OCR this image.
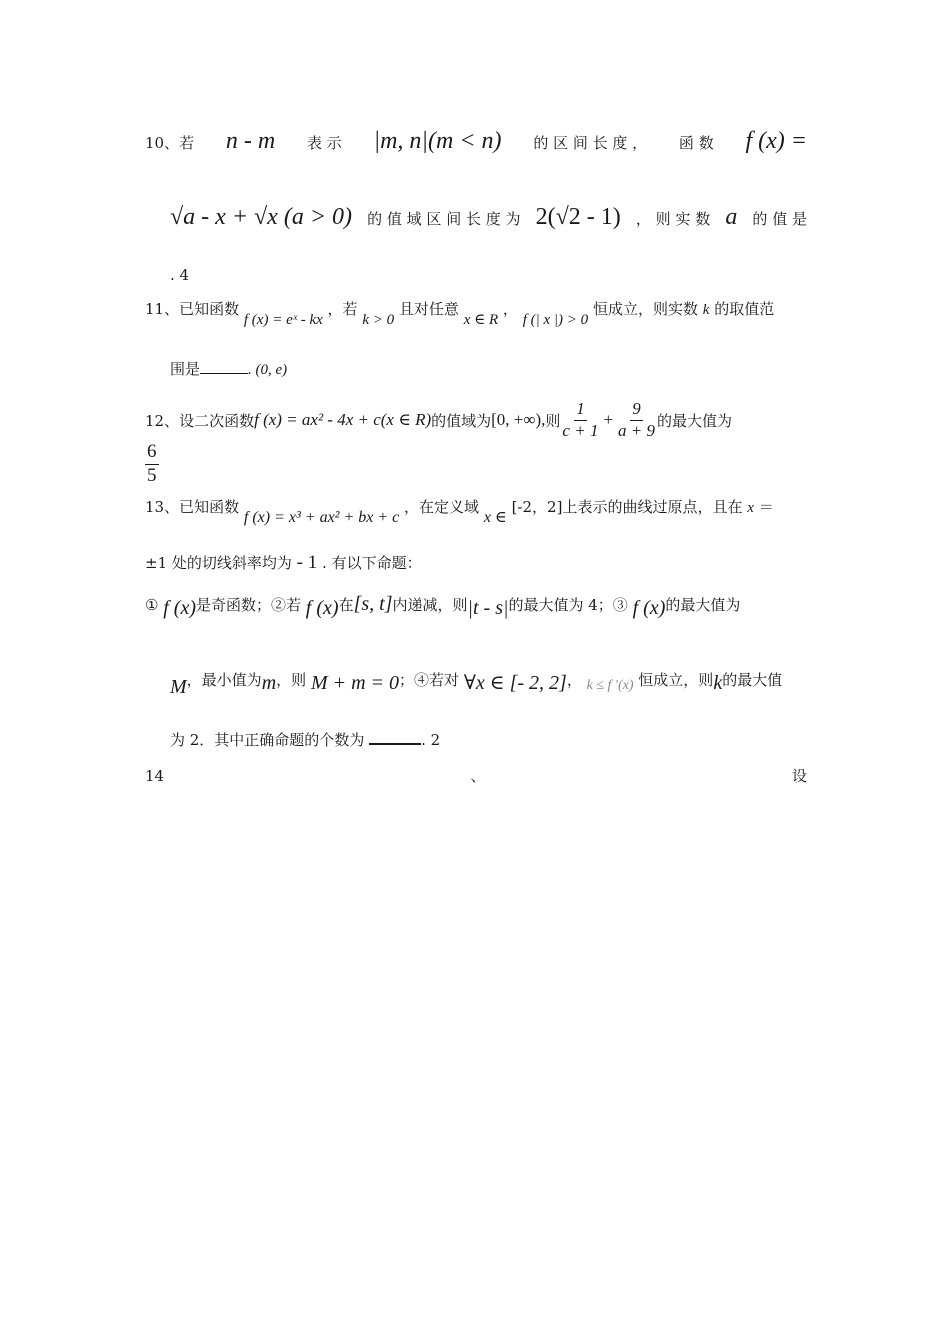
10、若 n - m 表 示 |m, n|(m < n) 的 区 间 长 度 ， 函 数 f (x) =
√a - x + √x (a > 0) 的 值 域 区 间 长 度 为 2(√2 - 1) ， 则 实 数 a 的 值 是
. 4
11、已知函数 f (x) = eˣ - kx ，若 k > 0 且对任意 x ∈ R ， f (| x |) > 0 恒成立，则实数 k 的取值范
围是	. (0, e)
12、设二次函数 f (x) = ax² - 4x + c(x ∈ R) 的值域为 [0, +∞), 则 $\frac{1}{c + 1} + \frac{9}{a + 9}$ 的最大值为
$\frac{6}{5}$
13、已知函数 f (x) = x³ + ax² + bx + c ，在定义域 x ∈ [-2，2]上表示的曲线过原点，且在 x ＝
±1 处的切线斜率均为 - 1 . 有以下命题：
① f (x)是奇函数；②若 f (x)在[s, t]内递减，则|t - s|的最大值为 4；③ f (x)的最大值为
M，最小值为m，则 M + m = 0；④若对 ∀x ∈ [- 2, 2]， k ≤ f ′(x) 恒成立，则k的最大值
为 2．其中正确命题的个数为	. 2
14	、	设
